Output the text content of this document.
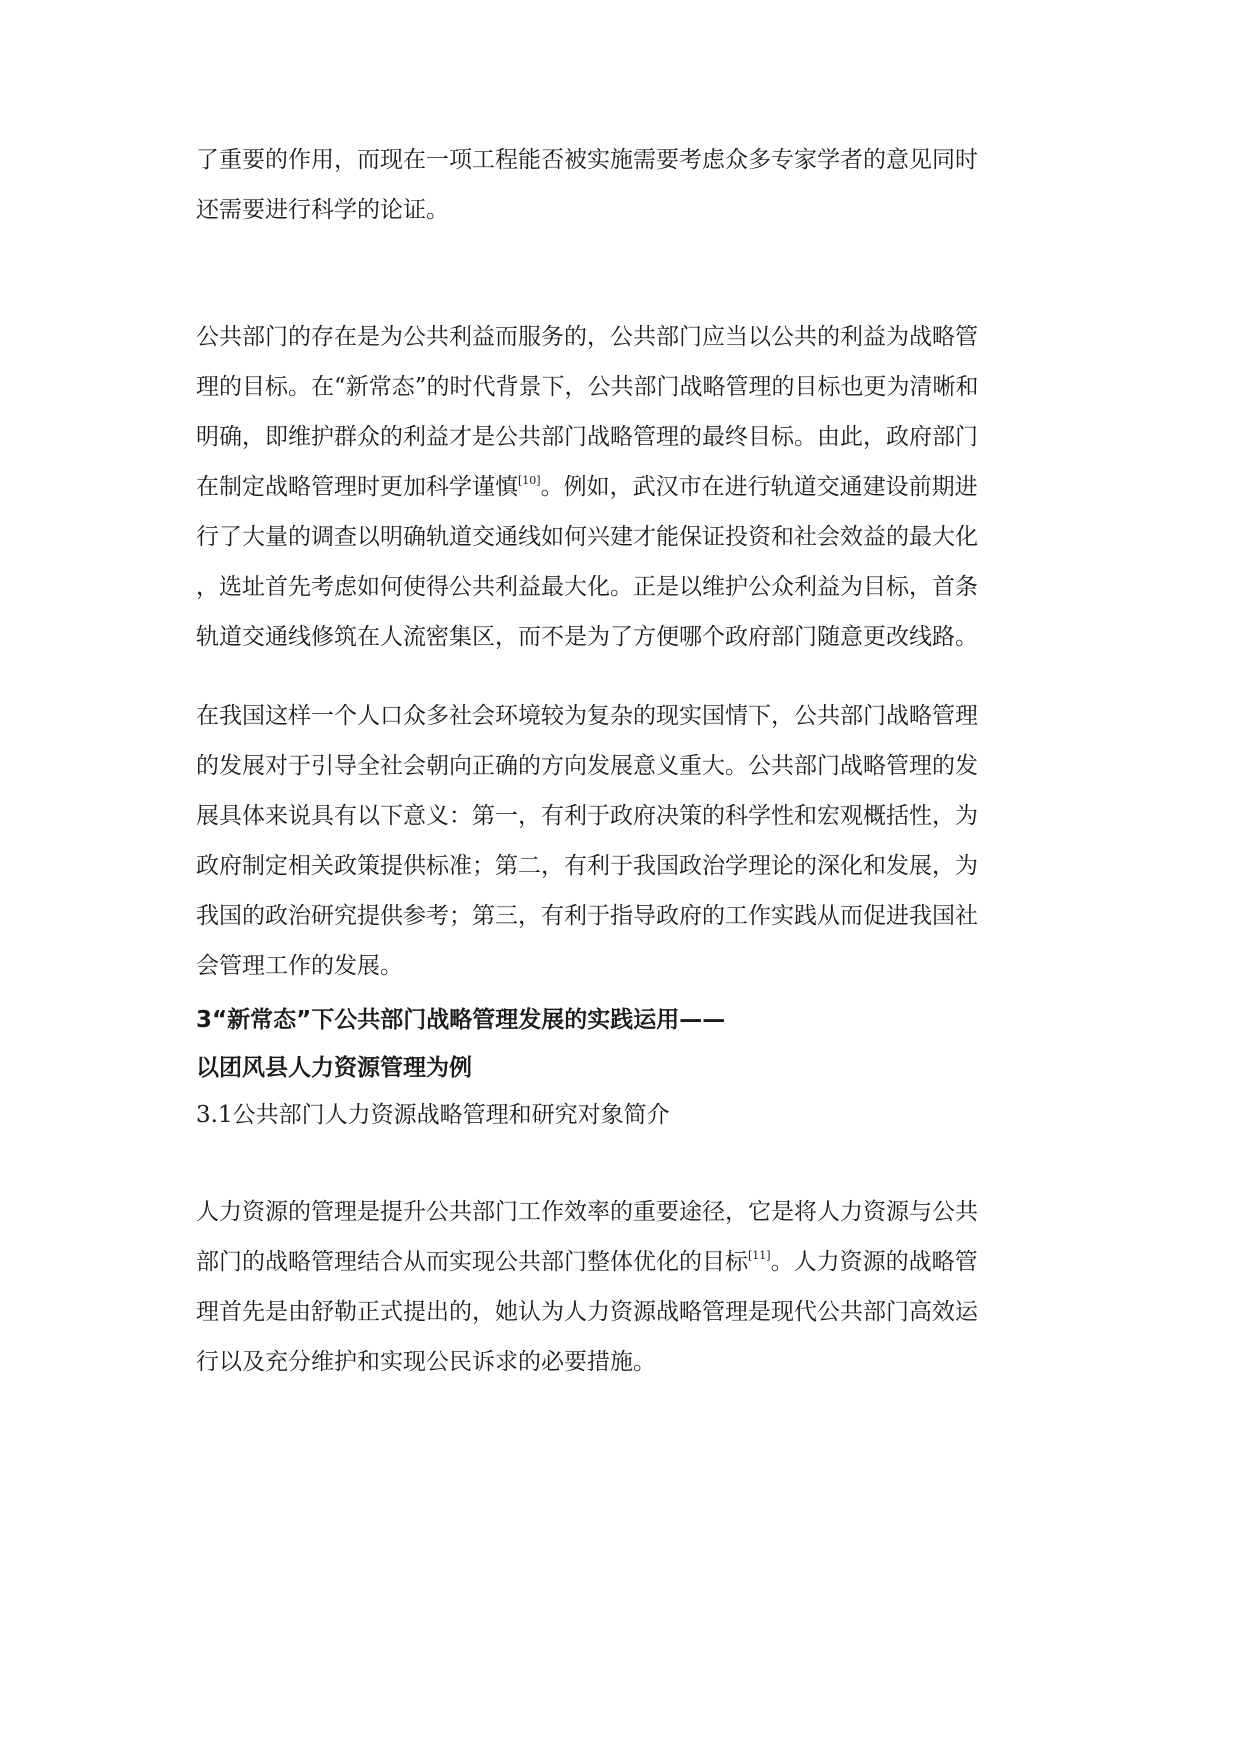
了重要的作用，而现在一项工程能否被实施需要考虑众多专家学者的意见同时
还需要进行科学的论证。
公共部门的存在是为公共利益而服务的，公共部门应当以公共的利益为战略管
理的目标。在“新常态”的时代背景下，公共部门战略管理的目标也更为清晰和
明确，即维护群众的利益才是公共部门战略管理的最终目标。由此，政府部门
在制定战略管理时更加科学谨慎[10]。例如，武汉市在进行轨道交通建设前期进
行了大量的调查以明确轨道交通线如何兴建才能保证投资和社会效益的最大化
，选址首先考虑如何使得公共利益最大化。正是以维护公众利益为目标，首条
轨道交通线修筑在人流密集区，而不是为了方便哪个政府部门随意更改线路。
在我国这样一个人口众多社会环境较为复杂的现实国情下，公共部门战略管理
的发展对于引导全社会朝向正确的方向发展意义重大。公共部门战略管理的发
展具体来说具有以下意义：第一，有利于政府决策的科学性和宏观概括性，为
政府制定相关政策提供标准；第二，有利于我国政治学理论的深化和发展，为
我国的政治研究提供参考；第三，有利于指导政府的工作实践从而促进我国社
会管理工作的发展。
3“新常态”下公共部门战略管理发展的实践运用——
以团风县人力资源管理为例
3.1公共部门人力资源战略管理和研究对象简介
人力资源的管理是提升公共部门工作效率的重要途径，它是将人力资源与公共
部门的战略管理结合从而实现公共部门整体优化的目标[11]。人力资源的战略管
理首先是由舒勒正式提出的，她认为人力资源战略管理是现代公共部门高效运
行以及充分维护和实现公民诉求的必要措施。
